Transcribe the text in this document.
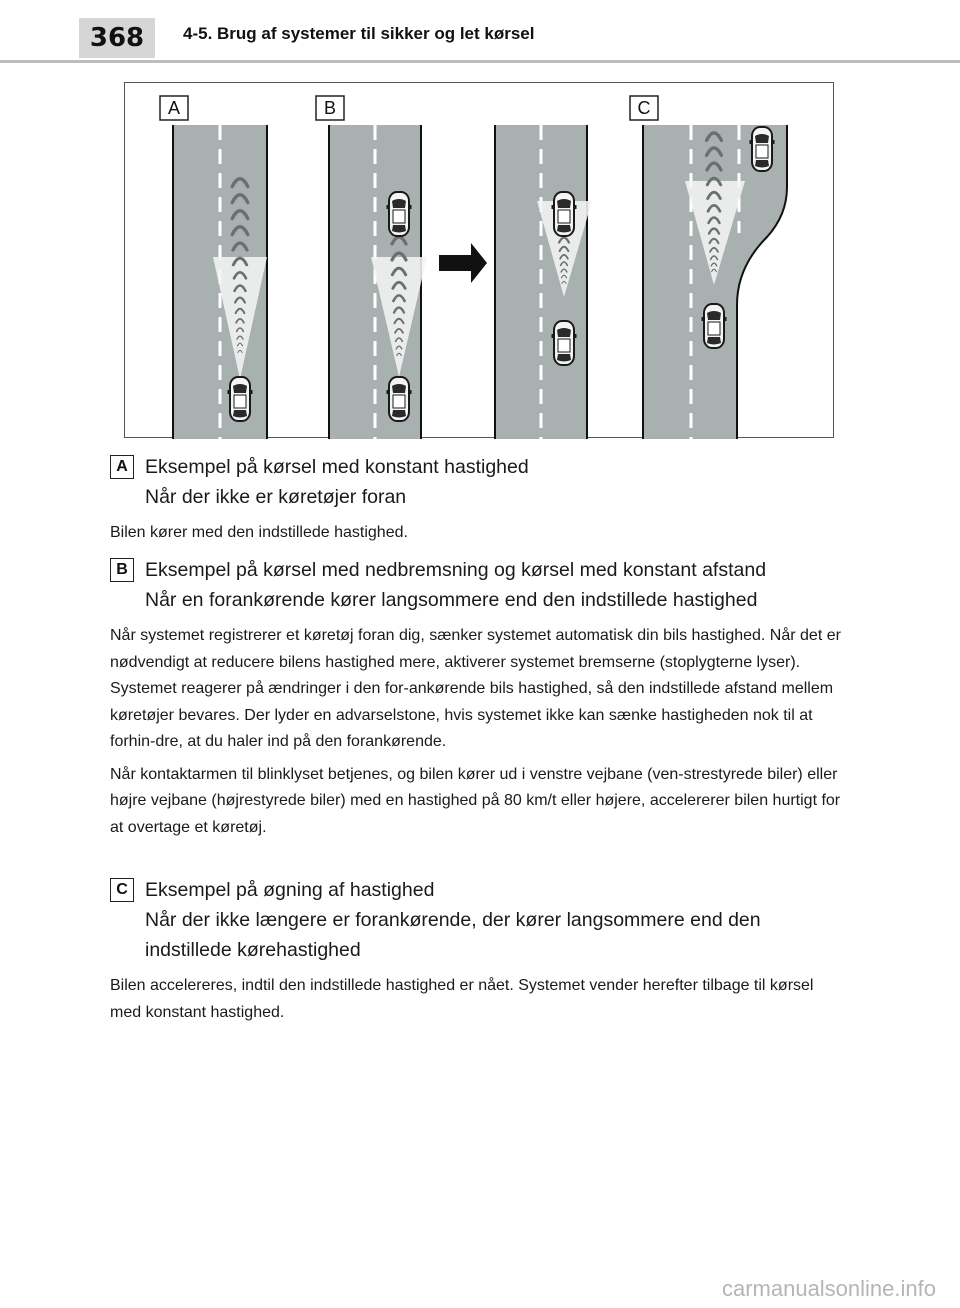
368	4-5. Brug af systemer til sikker og let kørsel
A	B	C
A Eksempel på kørsel med konstant hastighed
Når der ikke er køretøjer foran

Bilen kører med den indstillede hastighed.

B Eksempel på kørsel med nedbremsning og kørsel med konstant afstand
Når en forankørende kører langsommere end den indstillede hastighed

Når systemet registrerer et køretøj foran dig, sænker systemet automatisk din bils hastighed. Når det er nødvendigt at reducere bilens hastighed mere, aktiverer systemet bremserne (stoplygterne lyser). Systemet reagerer på ændringer i den for-ankørende bils hastighed, så den indstillede afstand mellem køretøjer bevares. Der lyder en advarselstone, hvis systemet ikke kan sænke hastigheden nok til at forhin-dre, at du haler ind på den forankørende.

Når kontaktarmen til blinklyset betjenes, og bilen kører ud i venstre vejbane (ven-strestyrede biler) eller højre vejbane (højrestyrede biler) med en hastighed på 80 km/t eller højere, accelererer bilen hurtigt for at overtage et køretøj.

C Eksempel på øgning af hastighed
Når der ikke længere er forankørende, der kører langsommere end den
indstillede kørehastighed

Bilen accelereres, indtil den indstillede hastighed er nået. Systemet vender herefter tilbage til kørsel med konstant hastighed.

carmanualsonline.info
